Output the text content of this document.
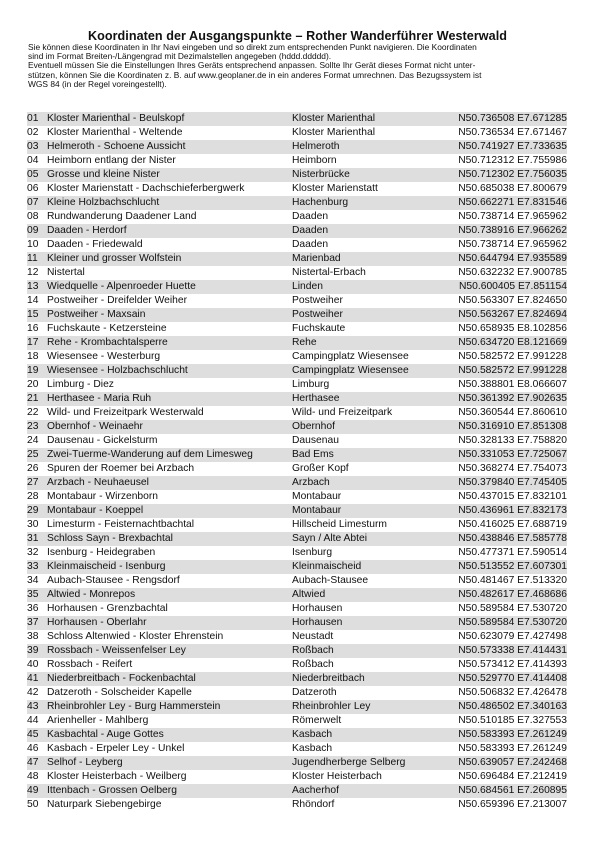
Koordinaten der Ausgangspunkte – Rother Wanderführer Westerwald

Sie können diese Koordinaten in Ihr Navi eingeben und so direkt zum entsprechenden Punkt navigieren. Die Koordinaten

sind im Format Breiten-/Längengrad mit Dezimalstellen angegeben (hddd.ddddd).

Eventuell müssen Sie die Einstellungen Ihres Geräts entsprechend anpassen. Sollte Ihr Gerät dieses Format nicht unter-

stützen, können Sie die Koordinaten z. B. auf www.geoplaner.de in ein anderes Format umrechnen. Das Bezugssystem ist

WGS 84 (in der Regel voreingestellt).

01 Kloster Marienthal - Beulskopf	Kloster Marienthal	N50.736508 E7.671285
02 Kloster Marienthal - Weltende	Kloster Marienthal	N50.736534 E7.671467
03 Helmeroth - Schoene Aussicht	Helmeroth	N50.741927 E7.733635
04 Heimborn entlang der Nister	Heimborn	N50.712312 E7.755986
05 Grosse und kleine Nister	Nisterbrücke	N50.712302 E7.756035
06 Kloster Marienstatt - Dachschieferbergwerk	Kloster Marienstatt	N50.685038 E7.800679
07 Kleine Holzbachschlucht	Hachenburg	N50.662271 E7.831546
08 Rundwanderung Daadener Land	Daaden	N50.738714 E7.965962
09 Daaden - Herdorf	Daaden	N50.738916 E7.966262
10 Daaden - Friedewald	Daaden	N50.738714 E7.965962
11 Kleiner und grosser Wolfstein	Marienbad	N50.644794 E7.935589
12 Nistertal	Nistertal-Erbach	N50.632232 E7.900785
13 Wiedquelle - Alpenroeder Huette	Linden	N50.600405 E7.851154
14 Postweiher - Dreifelder Weiher	Postweiher	N50.563307 E7.824650
15 Postweiher - Maxsain	Postweiher	N50.563267 E7.824694
16 Fuchskaute - Ketzersteine	Fuchskaute	N50.658935 E8.102856
17 Rehe - Krombachtalsperre	Rehe	N50.634720 E8.121669
18 Wiesensee - Westerburg	Campingplatz Wiesensee	N50.582572 E7.991228
19 Wiesensee - Holzbachschlucht	Campingplatz Wiesensee	N50.582572 E7.991228
20 Limburg - Diez	Limburg	N50.388801 E8.066607
21 Herthasee - Maria Ruh	Herthasee	N50.361392 E7.902635
22 Wild- und Freizeitpark Westerwald	Wild- und Freizeitpark	N50.360544 E7.860610
23 Obernhof - Weinaehr	Obernhof	N50.316910 E7.851308
24 Dausenau - Gickelsturm	Dausenau	N50.328133 E7.758820
25 Zwei-Tuerme-Wanderung auf dem Limesweg	Bad Ems	N50.331053 E7.725067
26 Spuren der Roemer bei Arzbach	Großer Kopf	N50.368274 E7.754073
27 Arzbach - Neuhaeusel	Arzbach	N50.379840 E7.745405
28 Montabaur - Wirzenborn	Montabaur	N50.437015 E7.832101
29 Montabaur - Koeppel	Montabaur	N50.436961 E7.832173
30 Limesturm - Feisternachtbachtal	Hillscheid Limesturm	N50.416025 E7.688719
31 Schloss Sayn - Brexbachtal	Sayn / Alte Abtei	N50.438846 E7.585778
32 Isenburg - Heidegraben	Isenburg	N50.477371 E7.590514
33 Kleinmaischeid - Isenburg	Kleinmaischeid	N50.513552 E7.607301
34 Aubach-Stausee - Rengsdorf	Aubach-Stausee	N50.481467 E7.513320
35 Altwied - Monrepos	Altwied	N50.482617 E7.468686
36 Horhausen - Grenzbachtal	Horhausen	N50.589584 E7.530720
37 Horhausen - Oberlahr	Horhausen	N50.589584 E7.530720
38 Schloss Altenwied - Kloster Ehrenstein	Neustadt	N50.623079 E7.427498
39 Rossbach - Weissenfelser Ley	Roßbach	N50.573338 E7.414431
40 Rossbach - Reifert	Roßbach	N50.573412 E7.414393
41 Niederbreitbach - Fockenbachtal	Niederbreitbach	N50.529770 E7.414408
42 Datzeroth - Solscheider Kapelle	Datzeroth	N50.506832 E7.426478
43 Rheinbrohler Ley - Burg Hammerstein	Rheinbrohler Ley	N50.486502 E7.340163
44 Arienheller - Mahlberg	Römerwelt	N50.510185 E7.327553
45 Kasbachtal - Auge Gottes	Kasbach	N50.583393 E7.261249
46 Kasbach - Erpeler Ley - Unkel	Kasbach	N50.583393 E7.261249
47 Selhof - Leyberg	Jugendherberge Selberg	N50.639057 E7.242468
48 Kloster Heisterbach - Weilberg	Kloster Heisterbach	N50.696484 E7.212419
49 Ittenbach - Grossen Oelberg	Aacherhof	N50.684561 E7.260895
50 Naturpark Siebengebirge	Rhöndorf	N50.659396 E7.213007
